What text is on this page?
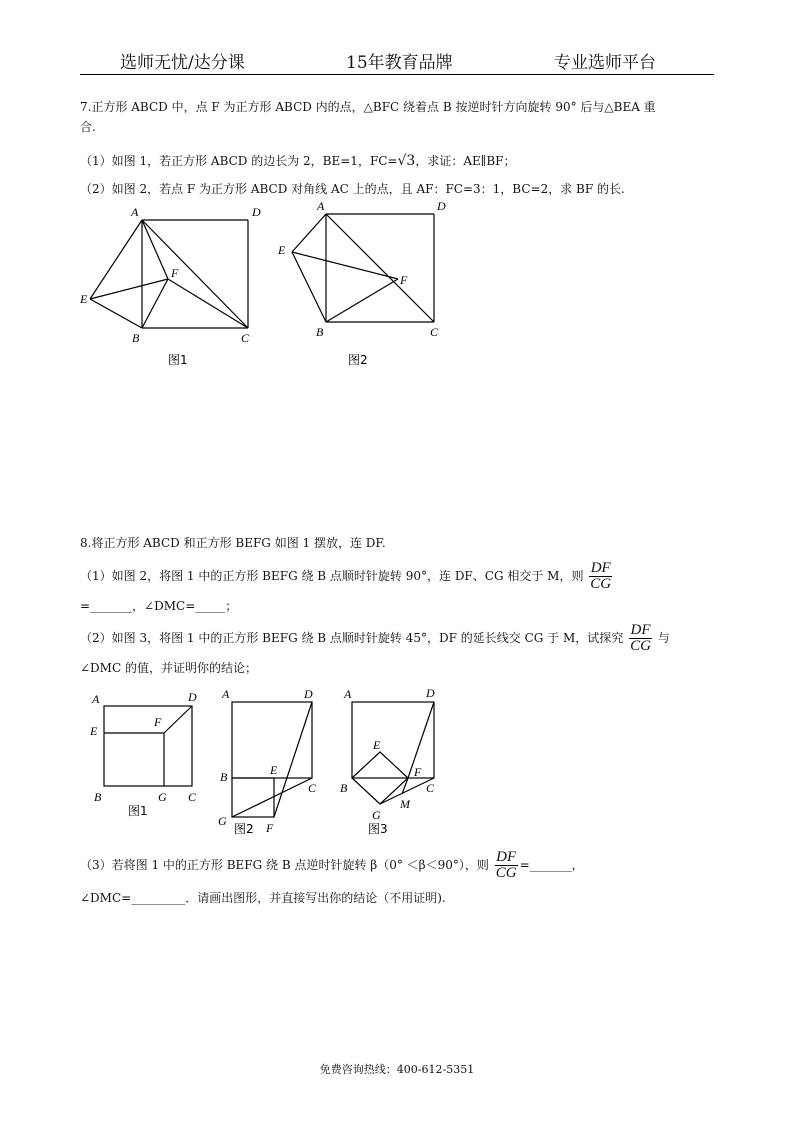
选师无忧/达分课	15年教育品牌	专业选师平台
7.正方形 ABCD 中，点 F 为正方形 ABCD 内的点，△BFC 绕着点 B 按逆时针方向旋转 90° 后与△BEA 重
合.
（1）如图 1，若正方形 ABCD 的边长为 2，BE=1，FC=√3，求证：AE∥BF；
（2）如图 2，若点 F 为正方形 ABCD 对角线 AC 上的点，且 AF：FC=3：1，BC=2，求 BF 的长.
A	D
E
F
B	C
图1
A	D
E
F
B	C
图2
8.将正方形 ABCD 和正方形 BEFG 如图 1 摆放，连 DF.
（1）如图 2，将图 1 中的正方形 BEFG 绕 B 点顺时针旋转 90°，连 DF、CG 相交于 M，则 $\frac{DF}{CG}$
=_______，∠DMC=_____；
（2）如图 3，将图 1 中的正方形 BEFG 绕 B 点顺时针旋转 45°，DF 的延长线交 CG 于 M，试探究 $\frac{DF}{CG}$ 与
∠DMC 的值，并证明你的结论；
A	D
E
F
B	G C
图1
A	D
B	E
C
G	F
图2
A	D
E
B
F
C
M
G
图3
（3）若将图 1 中的正方形 BEFG 绕 B 点逆时针旋转 β（0° ＜β＜90°），则 $\frac{DF}{CG}$ =_______，
∠DMC=_________．请画出图形，并直接写出你的结论（不用证明).
免费咨询热线：400-612-5351
